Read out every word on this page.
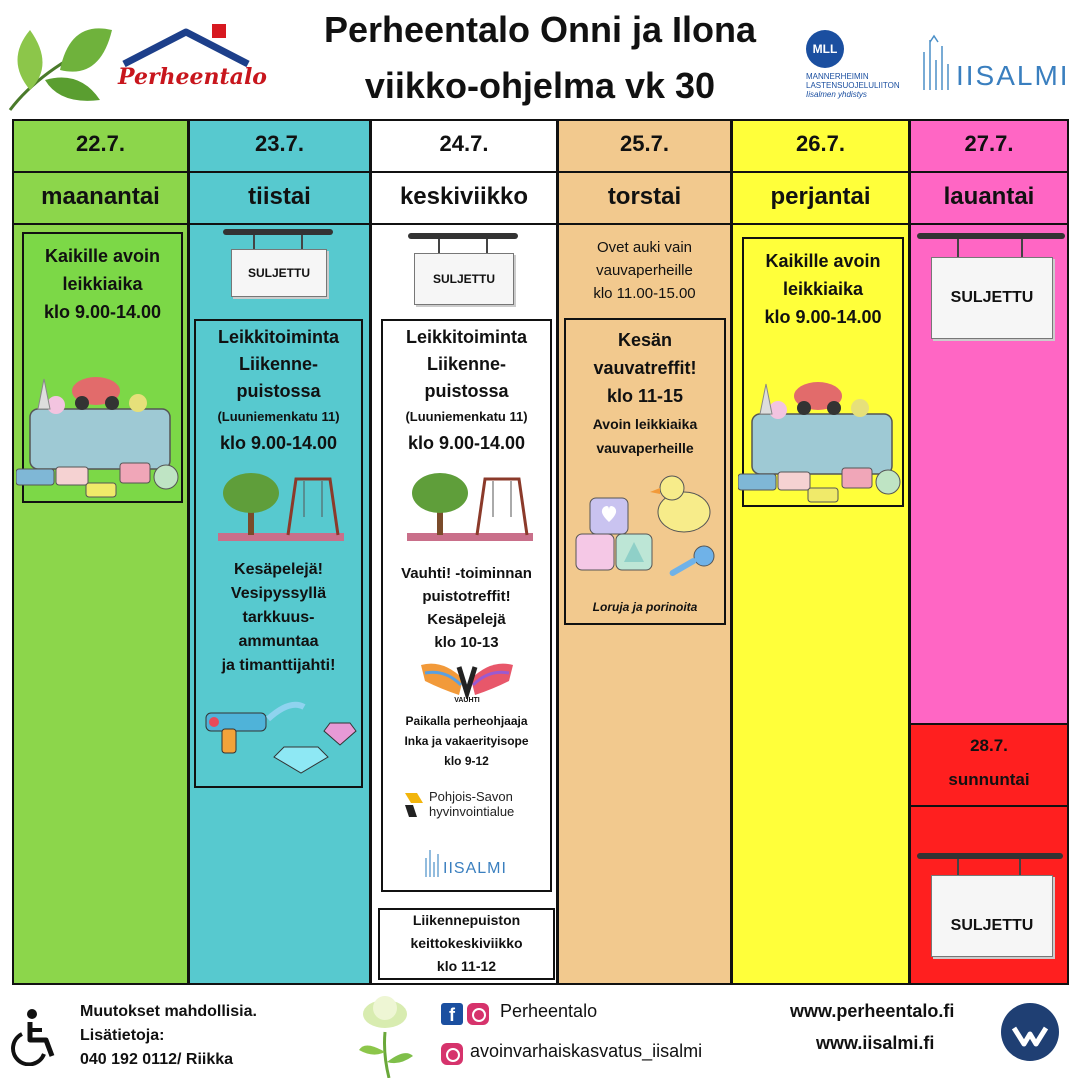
Perheentalo
Perheentalo Onni ja Ilona
viikko-ohjelma vk 30
MLL
MANNERHEIMIN
LASTENSUOJELULIITON
Iisalmen yhdistys
IISALMI
22.7.
maanantai
Kaikille avoin
leikkiaika
klo 9.00-14.00
23.7.
tiistai
SULJETTU
Leikkitoiminta
Liikenne-
puistossa
(Luuniemenkatu 11)
klo 9.00-14.00
Kesäpelejä!
Vesipyssyllä
tarkkuus-
ammuntaa
ja timanttijahti!
24.7.
keskiviikko
SULJETTU
Leikkitoiminta
Liikenne-
puistossa
(Luuniemenkatu 11)
klo 9.00-14.00
Vauhti! -toiminnan
puistotreffit!
Kesäpelejä
klo 10-13
VAUHTI
Paikalla perheohjaaja
Inka ja vakaerityisope
klo 9-12
Pohjois-Savon
hyvinvointialue
IISALMI
Liikennepuiston
keittokeskiviikko
klo 11-12
25.7.
torstai
Ovet auki vain
vauvaperheille
klo 11.00-15.00
Kesän
vauvatreffit!
klo 11-15
Avoin leikkiaika
vauvaperheille
Loruja ja porinoita
26.7.
perjantai
Kaikille avoin
leikkiaika
klo 9.00-14.00
27.7.
lauantai
SULJETTU
28.7.
sunnuntai
SULJETTU
Muutokset mahdollisia.
Lisätietoja:
040 192 0112/ Riikka
f	Perheentalo
avoinvarhaiskasvatus_iisalmi
www.perheentalo.fi
www.iisalmi.fi
